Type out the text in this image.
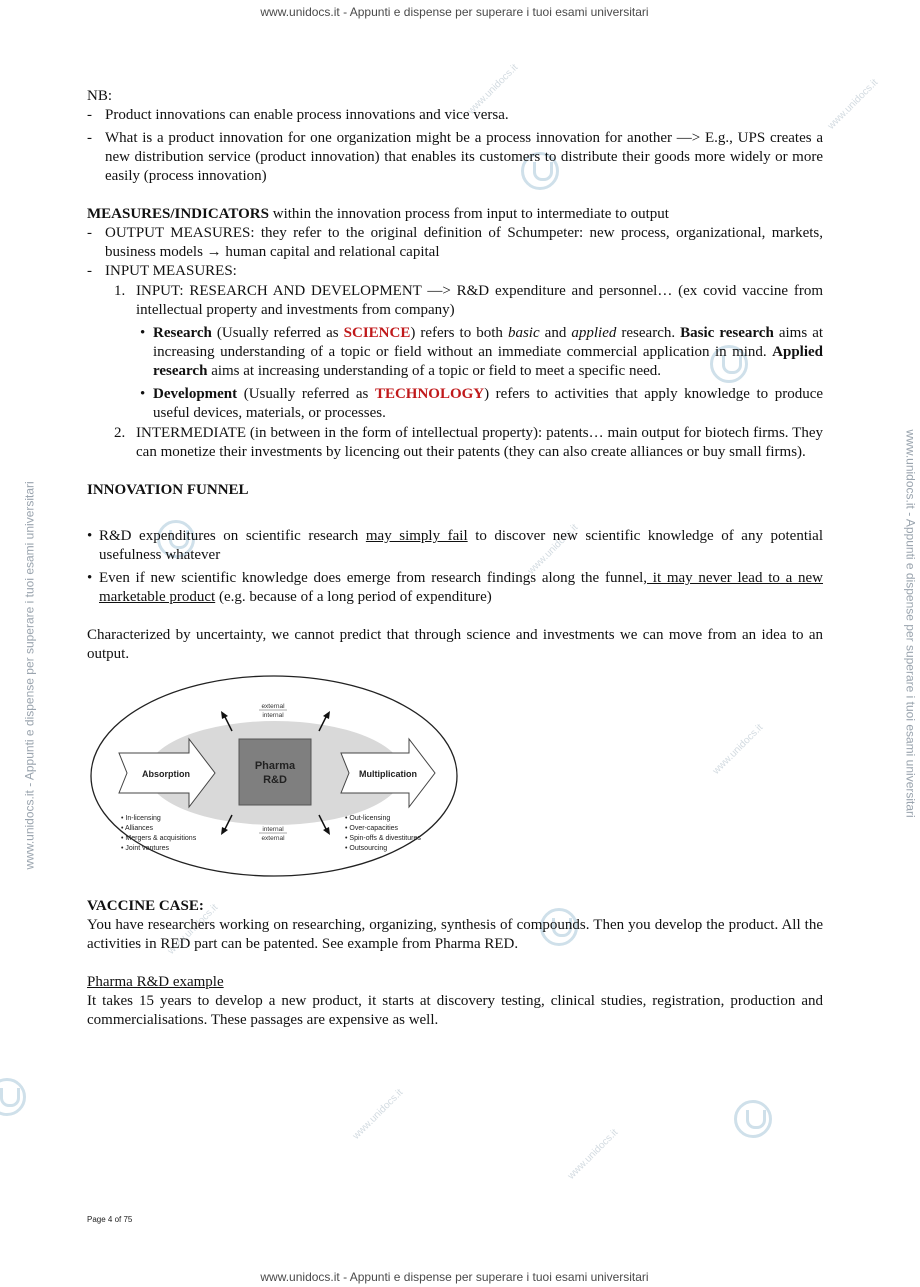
www.unidocs.it - Appunti e dispense per superare i tuoi esami universitari
www.unidocs.it - Appunti e dispense per superare i tuoi esami universitari	www.unidocs.it - Appunti e dispense per superare i tuoi esami universitari
www.unidocs.it	www.unidocs.it
www.unidocs.it
www.unidocs.it
www.unidocs.it
www.unidocs.it
www.unidocs.it

NB:

- Product innovations can enable process innovations and vice versa.
- What is a product innovation for one organization might be a process innovation for another —> E.g., UPS creates a new distribution service (product innovation) that enables its customers to distribute their goods more widely or more easily (process innovation)

MEASURES/INDICATORS within the innovation process from input to intermediate to output

- OUTPUT MEASURES: they refer to the original definition of Schumpeter: new process, organizational, markets, business models → human capital and relational capital
- INPUT MEASURES:
1. INPUT: RESEARCH AND DEVELOPMENT —> R&D expenditure and personnel… (ex covid vaccine from intellectual property and investments from company)
• Research (Usually referred as SCIENCE) refers to both basic and applied research. Basic research aims at increasing understanding of a topic or field without an immediate commercial application in mind. Applied research aims at increasing understanding of a topic or field to meet a specific need.
• Development (Usually referred as TECHNOLOGY) refers to activities that apply knowledge to produce useful devices, materials, or processes.
2. INTERMEDIATE (in between in the form of intellectual property): patents… main output for biotech firms. They can monetize their investments by licencing out their patents (they can also create alliances or buy small firms).

INNOVATION FUNNEL

• R&D expenditures on scientific research may simply fail to discover new scientific knowledge of any potential usefulness whatever
• Even if new scientific knowledge does emerge from research findings along the funnel, it may never lead to a new marketable product (e.g. because of a long period of expenditure)

Characterized by uncertainty, we cannot predict that through science and investments we can move from an idea to an output.

external
internal
Pharma
R&D
Absorption	Multiplication
internal
external
• In-licensing
• Alliances
• Mergers & acquisitions
• Joint ventures
• Out-licensing
• Over-capacities
• Spin-offs & divestitures
• Outsourcing

VACCINE CASE:

You have researchers working on researching, organizing, synthesis of compounds. Then you develop the product. All the activities in RED part can be patented. See example from Pharma RED.

Pharma R&D example

It takes 15 years to develop a new product, it starts at discovery testing, clinical studies, registration, production and commercialisations. These passages are expensive as well.

Page 4 of 75
www.unidocs.it - Appunti e dispense per superare i tuoi esami universitari
